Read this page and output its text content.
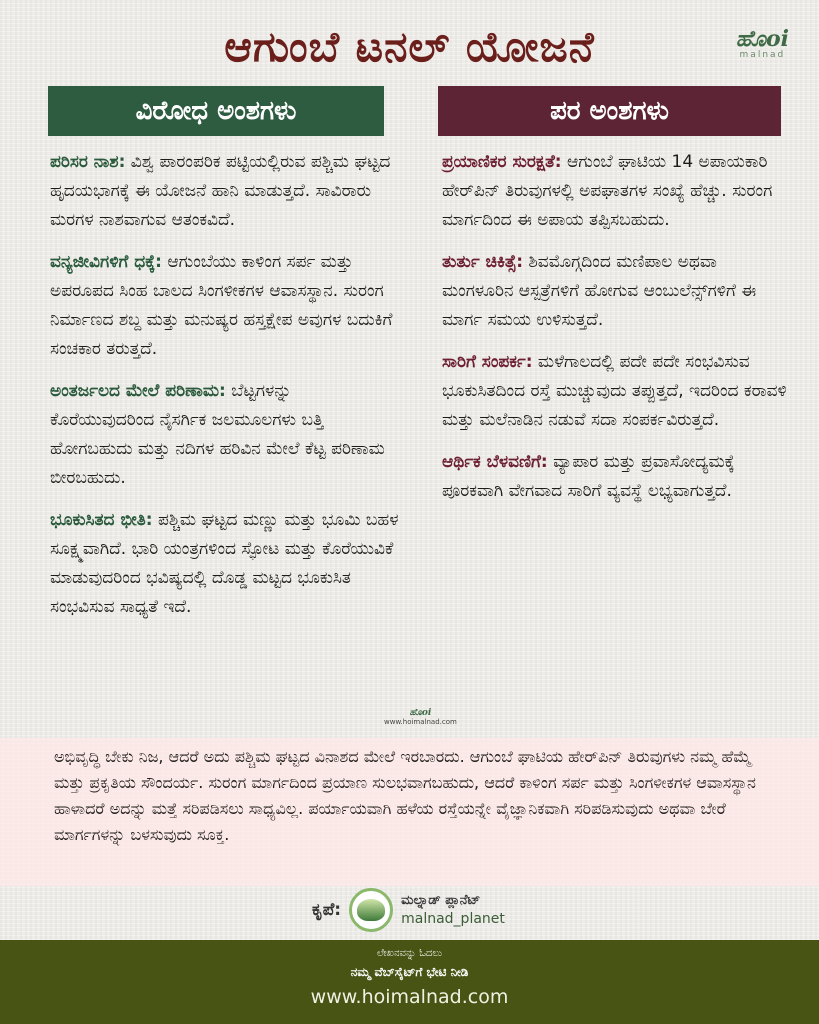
ಆಗುಂಬೆ ಟನಲ್ ಯೋಜನೆ	ಹೊoi
malnad
ವಿರೋಧ ಅಂಶಗಳು	ಪರ ಅಂಶಗಳು

ಪರಿಸರ ನಾಶ: ವಿಶ್ವ ಪಾರಂಪರಿಕ ಪಟ್ಟಿಯಲ್ಲಿರುವ ಪಶ್ಚಿಮ ಘಟ್ಟದ ಹೃದಯಭಾಗಕ್ಕೆ ಈ ಯೋಜನೆ ಹಾನಿ ಮಾಡುತ್ತದೆ. ಸಾವಿರಾರು ಮರಗಳ ನಾಶವಾಗುವ ಆತಂಕವಿದೆ.

ವನ್ಯಜೀವಿಗಳಿಗೆ ಧಕ್ಕೆ: ಆಗುಂಬೆಯು ಕಾಳಿಂಗ ಸರ್ಪ ಮತ್ತು ಅಪರೂಪದ ಸಿಂಹ ಬಾಲದ ಸಿಂಗಳೀಕಗಳ ಆವಾಸಸ್ಥಾನ. ಸುರಂಗ ನಿರ್ಮಾಣದ ಶಬ್ದ ಮತ್ತು ಮನುಷ್ಯರ ಹಸ್ತಕ್ಷೇಪ ಅವುಗಳ ಬದುಕಿಗೆ ಸಂಚಕಾರ ತರುತ್ತದೆ.

ಅಂತರ್ಜಲದ ಮೇಲೆ ಪರಿಣಾಮ: ಬೆಟ್ಟಗಳನ್ನು ಕೊರೆಯುವುದರಿಂದ ನೈಸರ್ಗಿಕ ಜಲಮೂಲಗಳು ಬತ್ತಿ ಹೋಗಬಹುದು ಮತ್ತು ನದಿಗಳ ಹರಿವಿನ ಮೇಲೆ ಕೆಟ್ಟ ಪರಿಣಾಮ ಬೀರಬಹುದು.

ಭೂಕುಸಿತದ ಭೀತಿ: ಪಶ್ಚಿಮ ಘಟ್ಟದ ಮಣ್ಣು ಮತ್ತು ಭೂಮಿ ಬಹಳ ಸೂಕ್ಷ್ಮವಾಗಿದೆ. ಭಾರಿ ಯಂತ್ರಗಳಿಂದ ಸ್ಫೋಟ ಮತ್ತು ಕೊರೆಯುವಿಕೆ ಮಾಡುವುದರಿಂದ ಭವಿಷ್ಯದಲ್ಲಿ ದೊಡ್ಡ ಮಟ್ಟದ ಭೂಕುಸಿತ ಸಂಭವಿಸುವ ಸಾಧ್ಯತೆ ಇದೆ.

ಪ್ರಯಾಣಿಕರ ಸುರಕ್ಷತೆ: ಆಗುಂಬೆ ಘಾಟಿಯ 14 ಅಪಾಯಕಾರಿ ಹೇರ್‌ಪಿನ್ ತಿರುವುಗಳಲ್ಲಿ ಅಪಘಾತಗಳ ಸಂಖ್ಯೆ ಹೆಚ್ಚು. ಸುರಂಗ ಮಾರ್ಗದಿಂದ ಈ ಅಪಾಯ ತಪ್ಪಿಸಬಹುದು.

ತುರ್ತು ಚಿಕಿತ್ಸೆ: ಶಿವಮೊಗ್ಗದಿಂದ ಮಣಿಪಾಲ ಅಥವಾ ಮಂಗಳೂರಿನ ಆಸ್ಪತ್ರೆಗಳಿಗೆ ಹೋಗುವ ಆಂಬುಲೆನ್ಸ್‌ಗಳಿಗೆ ಈ ಮಾರ್ಗ ಸಮಯ ಉಳಿಸುತ್ತದೆ.

ಸಾರಿಗೆ ಸಂಪರ್ಕ: ಮಳೆಗಾಲದಲ್ಲಿ ಪದೇ ಪದೇ ಸಂಭವಿಸುವ ಭೂಕುಸಿತದಿಂದ ರಸ್ತೆ ಮುಚ್ಚುವುದು ತಪ್ಪುತ್ತದೆ, ಇದರಿಂದ ಕರಾವಳಿ ಮತ್ತು ಮಲೆನಾಡಿನ ನಡುವೆ ಸದಾ ಸಂಪರ್ಕವಿರುತ್ತದೆ.

ಆರ್ಥಿಕ ಬೆಳವಣಿಗೆ: ವ್ಯಾಪಾರ ಮತ್ತು ಪ್ರವಾಸೋದ್ಯಮಕ್ಕೆ ಪೂರಕವಾಗಿ ವೇಗವಾದ ಸಾರಿಗೆ ವ್ಯವಸ್ಥೆ ಲಭ್ಯವಾಗುತ್ತದೆ.

ಹೊoi
www.hoimalnad.com

ಅಭಿವೃದ್ಧಿ ಬೇಕು ನಿಜ, ಆದರೆ ಅದು ಪಶ್ಚಿಮ ಘಟ್ಟದ ವಿನಾಶದ ಮೇಲೆ ಇರಬಾರದು. ಆಗುಂಬೆ ಘಾಟಿಯ ಹೇರ್‌ಪಿನ್ ತಿರುವುಗಳು ನಮ್ಮ ಹೆಮ್ಮೆ ಮತ್ತು ಪ್ರಕೃತಿಯ ಸೌಂದರ್ಯ. ಸುರಂಗ ಮಾರ್ಗದಿಂದ ಪ್ರಯಾಣ ಸುಲಭವಾಗಬಹುದು, ಆದರೆ ಕಾಳಿಂಗ ಸರ್ಪ ಮತ್ತು ಸಿಂಗಳೀಕಗಳ ಆವಾಸಸ್ಥಾನ ಹಾಳಾದರೆ ಅದನ್ನು ಮತ್ತೆ ಸರಿಪಡಿಸಲು ಸಾಧ್ಯವಿಲ್ಲ. ಪರ್ಯಾಯವಾಗಿ ಹಳೆಯ ರಸ್ತೆಯನ್ನೇ ವೈಜ್ಞಾನಿಕವಾಗಿ ಸರಿಪಡಿಸುವುದು ಅಥವಾ ಬೇರೆ ಮಾರ್ಗಗಳನ್ನು ಬಳಸುವುದು ಸೂಕ್ತ.

ಕೃಪೆ:	ಮಲ್ನಾಡ್ ಪ್ಲಾನೆಟ್
malnad_planet
ಲೇಖನವನ್ನು ಓದಲು
ನಮ್ಮ ವೆಬ್‌ಸೈಟ್‌ಗೆ ಭೇಟಿ ನೀಡಿ
www.hoimalnad.com
